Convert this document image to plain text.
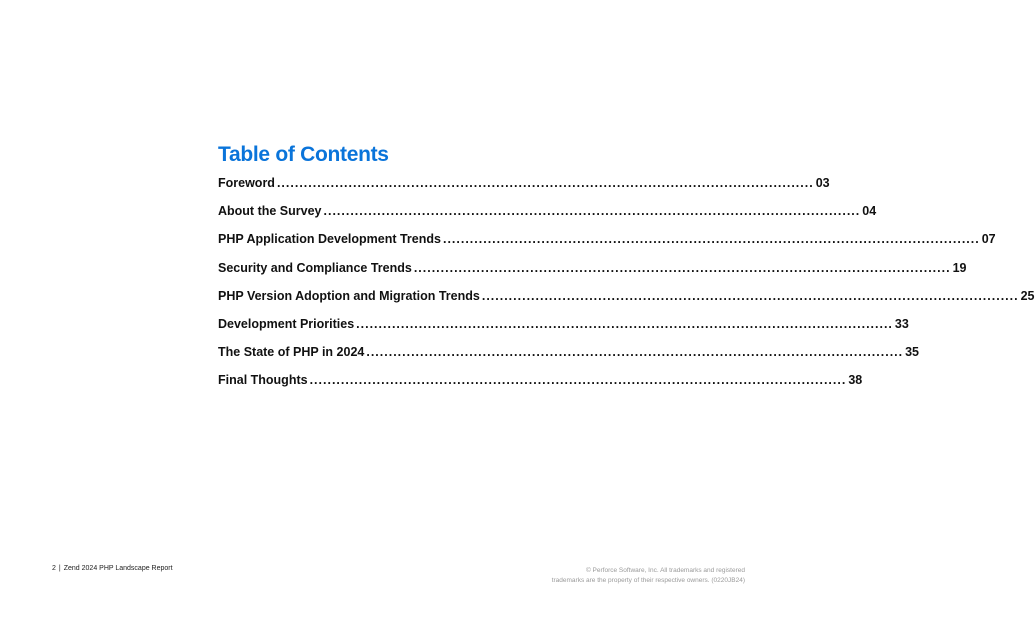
Table of Contents
Foreword ........................................................................................................................ 03
About the Survey ........................................................................................................................ 04
PHP Application Development Trends ........................................................................................................................ 07
Security and Compliance Trends ........................................................................................................................ 19
PHP Version Adoption and Migration Trends ........................................................................................................................ 25
Development Priorities ........................................................................................................................ 33
The State of PHP in 2024 ........................................................................................................................ 35
Final Thoughts ........................................................................................................................ 38
2 | Zend 2024 PHP Landscape Report	© Perforce Software, Inc. All trademarks and registered
trademarks are the property of their respective owners. (0220JB24)
